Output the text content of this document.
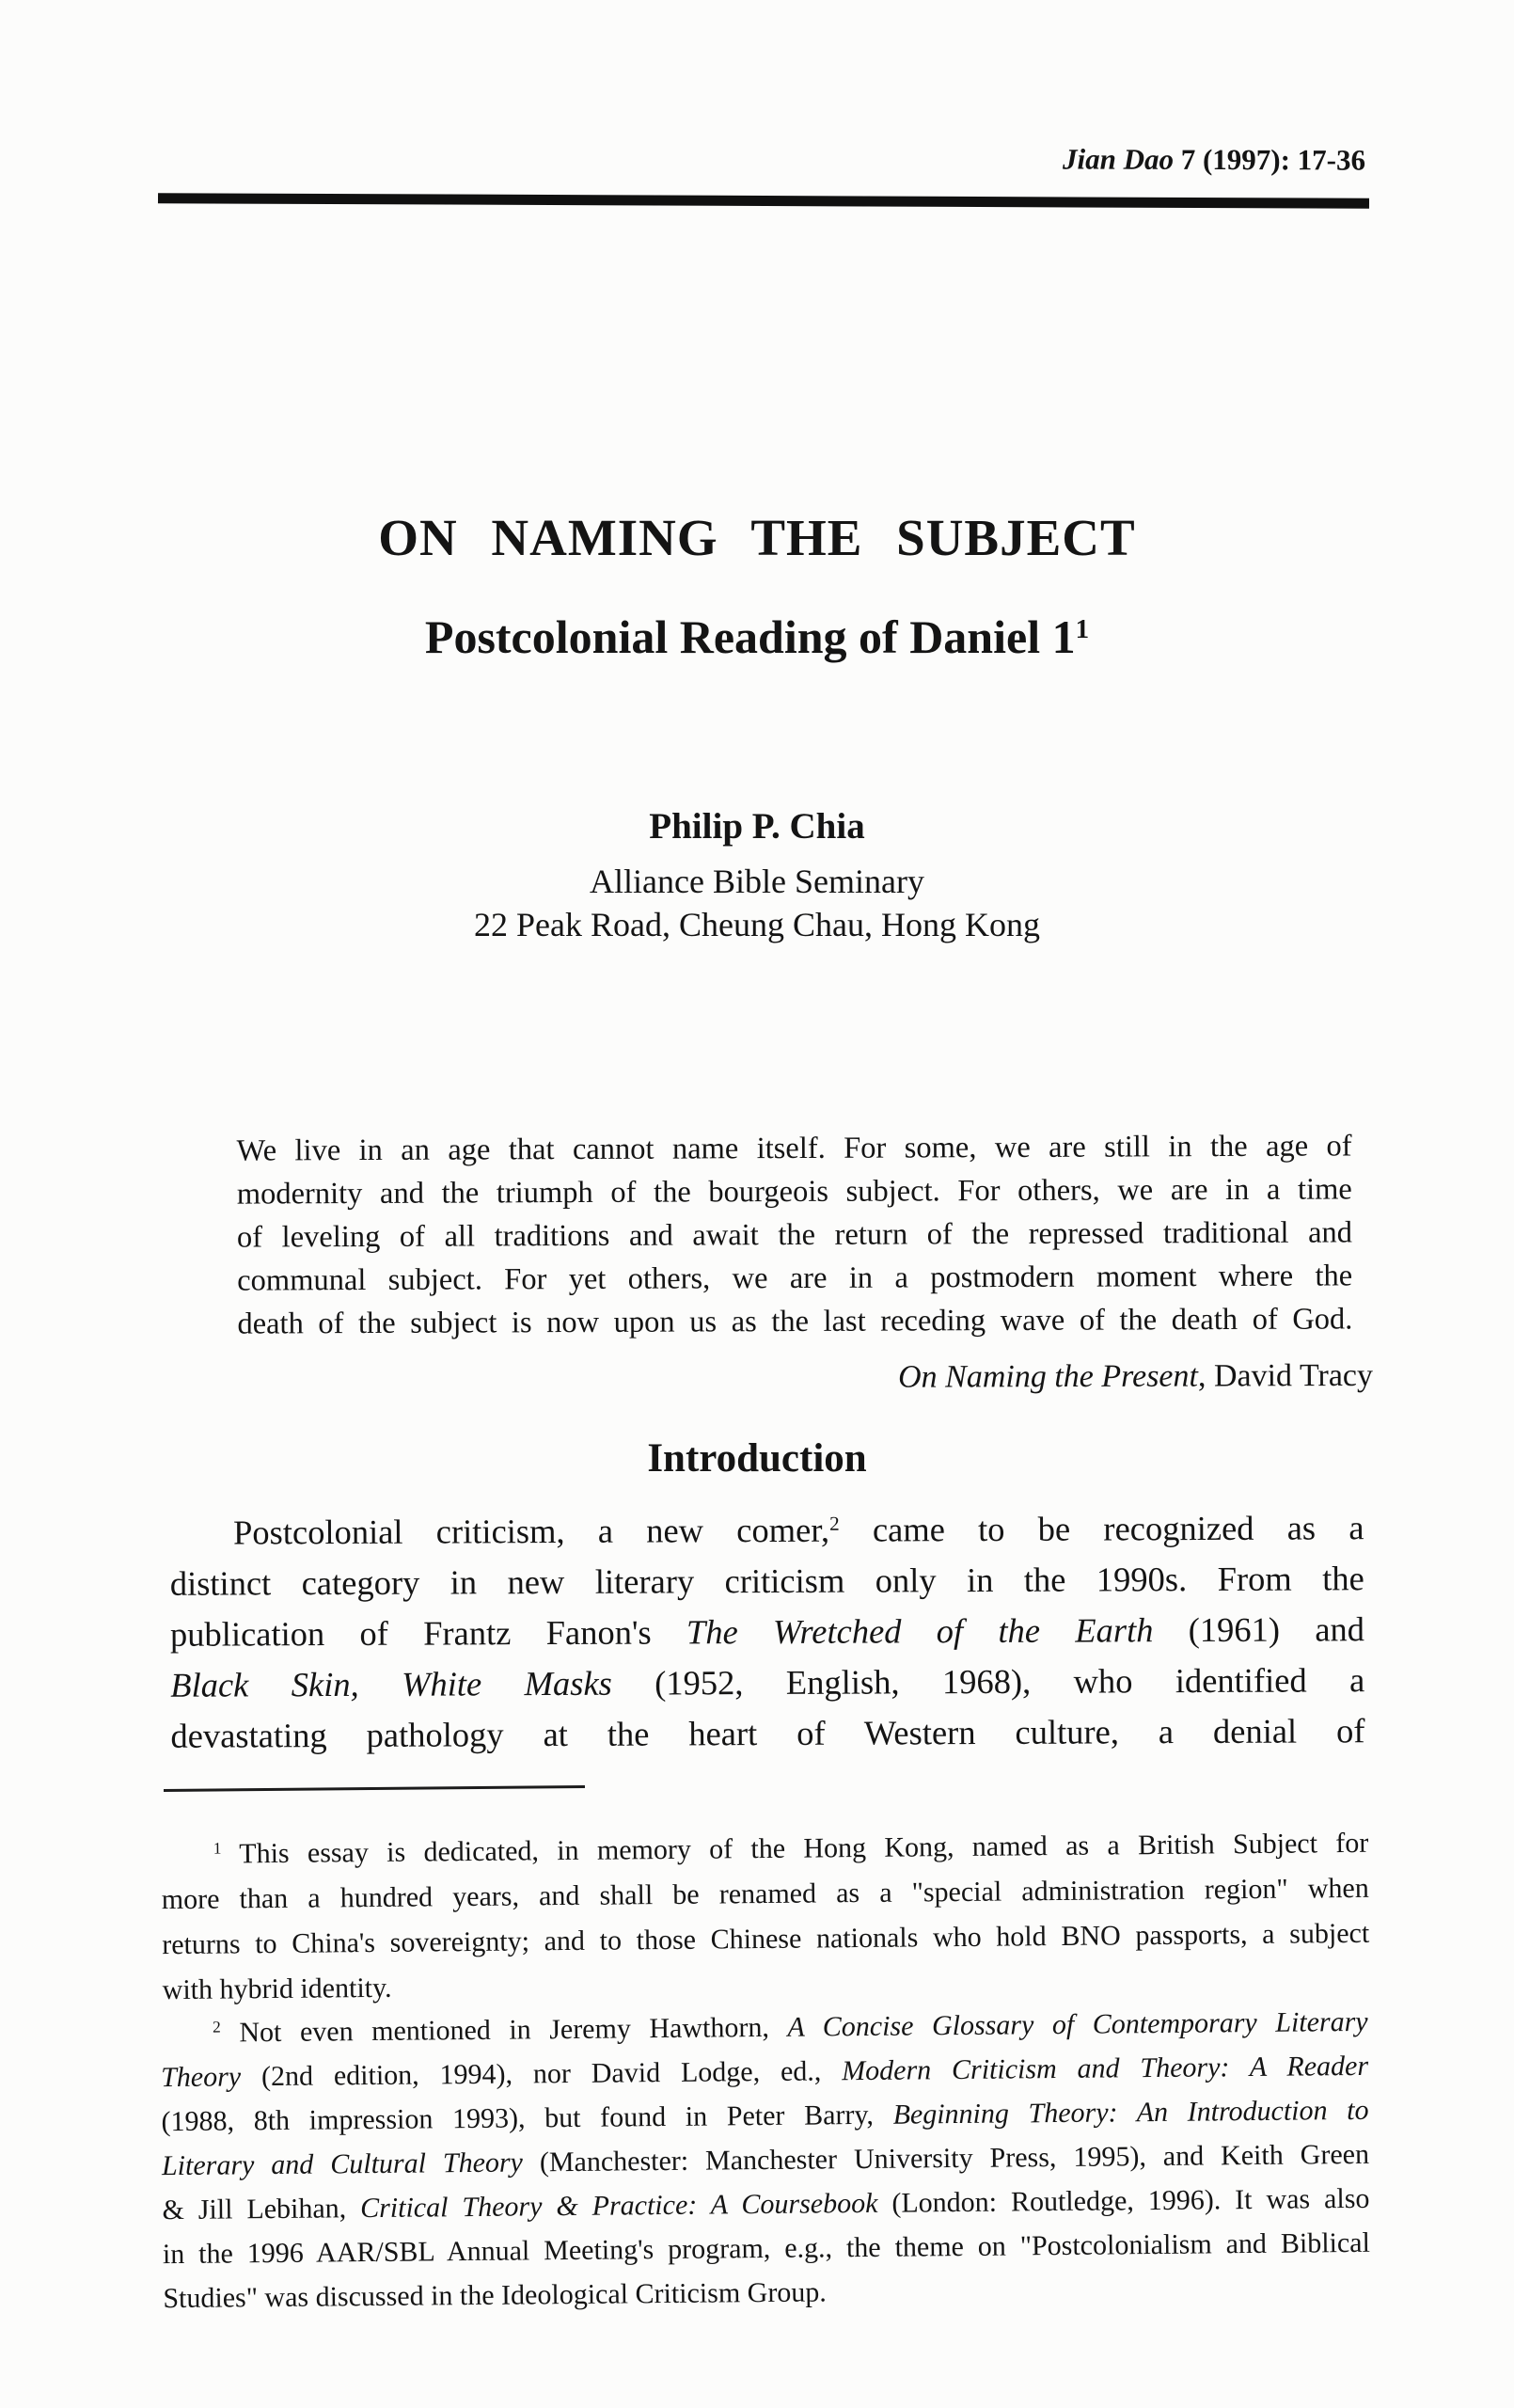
Jian Dao 7 (1997): 17-36
ON NAMING THE SUBJECT
Postcolonial Reading of Daniel $1^1$
Philip P. Chia
Alliance Bible Seminary
22 Peak Road, Cheung Chau, Hong Kong
We live in an age that cannot name itself. For some, we are still in the age of
modernity and the triumph of the bourgeois subject. For others, we are in a time
of leveling of all traditions and await the return of the repressed traditional and
communal subject. For yet others, we are in a postmodern moment where the
death of the subject is now upon us as the last receding wave of the death of God.
On Naming the Present, David Tracy
Introduction
Postcolonial criticism, a new comer,$^2$ came to be recognized as a
distinct category in new literary criticism only in the 1990s. From the
publication of Frantz Fanon's The Wretched of the Earth (1961) and
Black Skin, White Masks (1952, English, 1968), who identified a
devastating pathology at the heart of Western culture, a denial of
$^1$ This essay is dedicated, in memory of the Hong Kong, named as a British Subject for
more than a hundred years, and shall be renamed as a "special administration region" when
returns to China's sovereignty; and to those Chinese nationals who hold BNO passports, a subject
with hybrid identity.
$^2$ Not even mentioned in Jeremy Hawthorn, A Concise Glossary of Contemporary Literary
Theory (2nd edition, 1994), nor David Lodge, ed., Modern Criticism and Theory: A Reader
(1988, 8th impression 1993), but found in Peter Barry, Beginning Theory: An Introduction to
Literary and Cultural Theory (Manchester: Manchester University Press, 1995), and Keith Green
& Jill Lebihan, Critical Theory & Practice: A Coursebook (London: Routledge, 1996). It was also
in the 1996 AAR/SBL Annual Meeting's program, e.g., the theme on "Postcolonialism and Biblical
Studies" was discussed in the Ideological Criticism Group.
